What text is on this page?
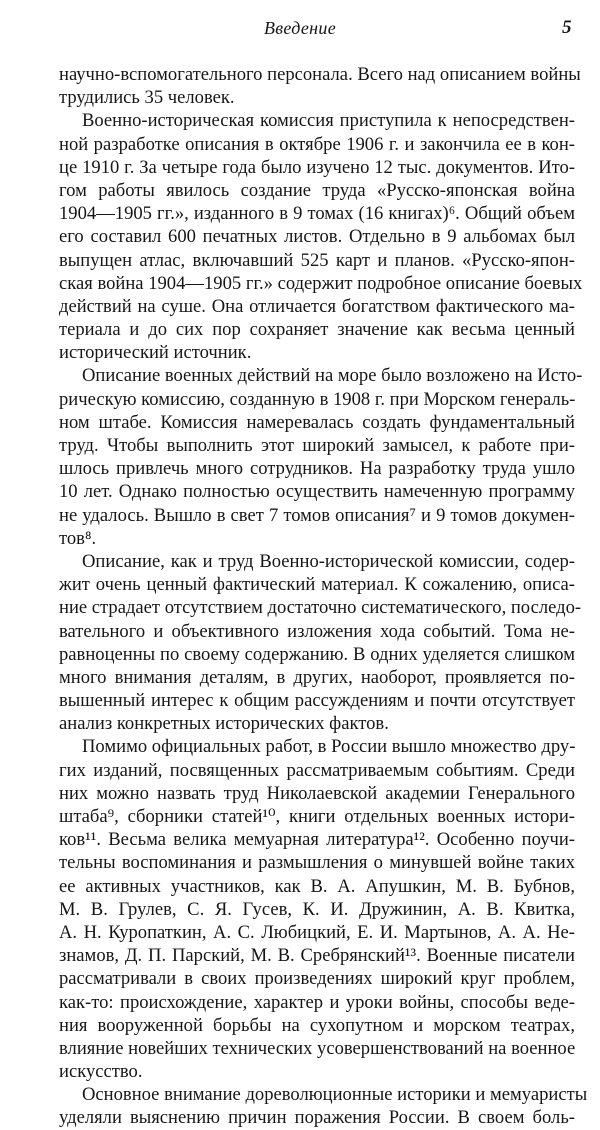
Введение	5
научно-вспомогательного персонала. Всего над описанием войны
трудились 35 человек.
Военно-историческая комиссия приступила к непосредствен-
ной разработке описания в октябре 1906 г. и закончила ее в кон-
це 1910 г. За четыре года было изучено 12 тыс. документов. Ито-
гом работы явилось создание труда «Русско-японская война
1904—1905 гг.», изданного в 9 томах (16 книгах)⁶. Общий объем
его составил 600 печатных листов. Отдельно в 9 альбомах был
выпущен атлас, включавший 525 карт и планов. «Русско-япон-
ская война 1904—1905 гг.» содержит подробное описание боевых
действий на суше. Она отличается богатством фактического ма-
териала и до сих пор сохраняет значение как весьма ценный
исторический источник.
Описание военных действий на море было возложено на Исто-
рическую комиссию, созданную в 1908 г. при Морском генераль-
ном штабе. Комиссия намеревалась создать фундаментальный
труд. Чтобы выполнить этот широкий замысел, к работе при-
шлось привлечь много сотрудников. На разработку труда ушло
10 лет. Однако полностью осуществить намеченную программу
не удалось. Вышло в свет 7 томов описания⁷ и 9 томов докумен-
тов⁸.
Описание, как и труд Военно-исторической комиссии, содер-
жит очень ценный фактический материал. К сожалению, описа-
ние страдает отсутствием достаточно систематического, последо-
вательного и объективного изложения хода событий. Тома не-
равноценны по своему содержанию. В одних уделяется слишком
много внимания деталям, в других, наоборот, проявляется по-
вышенный интерес к общим рассуждениям и почти отсутствует
анализ конкретных исторических фактов.
Помимо официальных работ, в России вышло множество дру-
гих изданий, посвященных рассматриваемым событиям. Среди
них можно назвать труд Николаевской академии Генерального
штаба⁹, сборники статей¹⁰, книги отдельных военных истори-
ков¹¹. Весьма велика мемуарная литература¹². Особенно поучи-
тельны воспоминания и размышления о минувшей войне таких
ее активных участников, как В. А. Апушкин, М. В. Бубнов,
М. В. Грулев, С. Я. Гусев, К. И. Дружинин, А. В. Квитка,
А. Н. Куропаткин, А. С. Любицкий, Е. И. Мартынов, А. А. Не-
знамов, Д. П. Парский, М. В. Сребрянский¹³. Военные писатели
рассматривали в своих произведениях широкий круг проблем,
как-то: происхождение, характер и уроки войны, способы веде-
ния вооруженной борьбы на сухопутном и морском театрах,
влияние новейших технических усовершенствований на военное
искусство.
Основное внимание дореволюционные историки и мемуаристы
уделяли выяснению причин поражения России. В своем боль-
